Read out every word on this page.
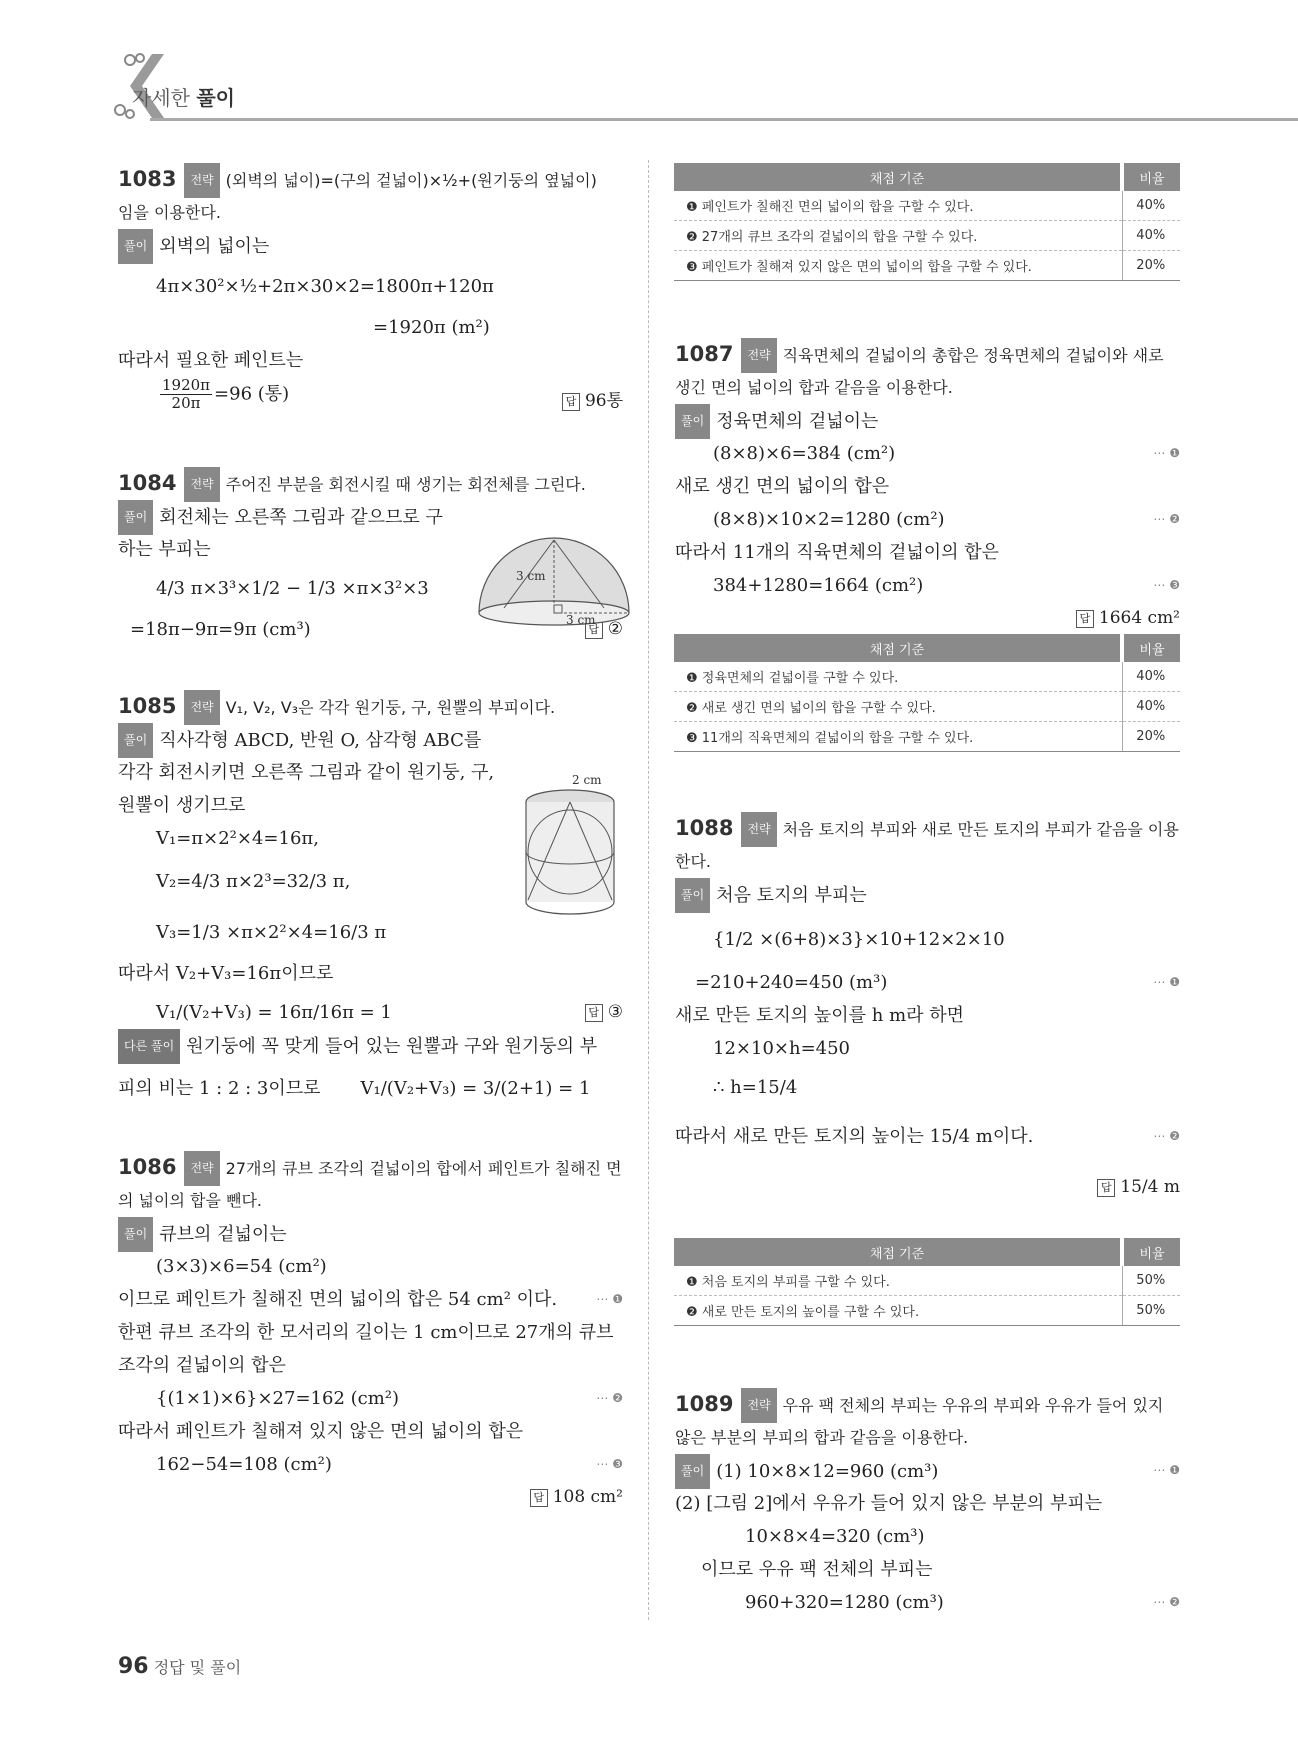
자세한 풀이
1083 전략 (외벽의 넓이)=(구의 겉넓이)×½+(원기둥의 옆넓이)
임을 이용한다.
풀이 외벽의 넓이는
4π×30²×½+2π×30×2=1800π+120π
=1920π (m²)
따라서 필요한 페인트는
$\frac{1920\pi}{20\pi} =96$ (통)	답 96통
1084 전략 주어진 부분을 회전시킬 때 생기는 회전체를 그린다.
풀이 회전체는 오른쪽 그림과 같으므로 구
하는 부피는
4/3 π×3³×1/2 − 1/3 ×π×3²×3
=18π−9π=9π (cm³)	답 ②
1085 전략 V₁, V₂, V₃은 각각 원기둥, 구, 원뿔의 부피이다.
풀이 직사각형 ABCD, 반원 O, 삼각형 ABC를
각각 회전시키면 오른쪽 그림과 같이 원기둥, 구,
원뿔이 생기므로
V₁=π×2²×4=16π,
V₂=4/3 π×2³=32/3 π,
V₃=1/3 ×π×2²×4=16/3 π
따라서 V₂+V₃=16π이므로
V₁/(V₂+V₃) = 16π/16π = 1	답 ③
다른 풀이 원기둥에 꼭 맞게 들어 있는 원뿔과 구와 원기둥의 부
피의 비는 1 : 2 : 3이므로 V₁/(V₂+V₃) = 3/(2+1) = 1
1086 전략 27개의 큐브 조각의 겉넓이의 합에서 페인트가 칠해진 면
의 넓이의 합을 뺀다.
풀이 큐브의 겉넓이는
(3×3)×6=54 (cm²)
이므로 페인트가 칠해진 면의 넓이의 합은 54 cm² 이다.	⋯ ❶
한편 큐브 조각의 한 모서리의 길이는 1 cm이므로 27개의 큐브
조각의 겉넓이의 합은
{(1×1)×6}×27=162 (cm²)	⋯ ❷
따라서 페인트가 칠해져 있지 않은 면의 넓이의 합은
162−54=108 (cm²)	⋯ ❸
답 108 cm²
3 cm
3 cm
2 cm
채점 기준	비율
❶ 페인트가 칠해진 면의 넓이의 합을 구할 수 있다.	40%
❷ 27개의 큐브 조각의 겉넓이의 합을 구할 수 있다.	40%
❸ 페인트가 칠해져 있지 않은 면의 넓이의 합을 구할 수 있다.	20%
1087 전략 직육면체의 겉넓이의 총합은 정육면체의 겉넓이와 새로
생긴 면의 넓이의 합과 같음을 이용한다.
풀이 정육면체의 겉넓이는
(8×8)×6=384 (cm²)	⋯ ❶
새로 생긴 면의 넓이의 합은
(8×8)×10×2=1280 (cm²)	⋯ ❷
따라서 11개의 직육면체의 겉넓이의 합은
384+1280=1664 (cm²)	⋯ ❸
답 1664 cm²
채점 기준	비율
❶ 정육면체의 겉넓이를 구할 수 있다.	40%
❷ 새로 생긴 면의 넓이의 합을 구할 수 있다.	40%
❸ 11개의 직육면체의 겉넓이의 합을 구할 수 있다.	20%
1088 전략 처음 토지의 부피와 새로 만든 토지의 부피가 같음을 이용
한다.
풀이 처음 토지의 부피는
{1/2 ×(6+8)×3}×10+12×2×10
=210+240=450 (m³)	⋯ ❶
새로 만든 토지의 높이를 h m라 하면
12×10×h=450
∴ h=15/4
따라서 새로 만든 토지의 높이는 15/4 m이다.	⋯ ❷
답 15/4 m
채점 기준	비율
❶ 처음 토지의 부피를 구할 수 있다.	50%
❷ 새로 만든 토지의 높이를 구할 수 있다.	50%
1089 전략 우유 팩 전체의 부피는 우유의 부피와 우유가 들어 있지
않은 부분의 부피의 합과 같음을 이용한다.
풀이 (1) 10×8×12=960 (cm³)	⋯ ❶
(2) [그림 2]에서 우유가 들어 있지 않은 부분의 부피는
10×8×4=320 (cm³)
이므로 우유 팩 전체의 부피는
960+320=1280 (cm³)	⋯ ❷
96 정답 및 풀이
